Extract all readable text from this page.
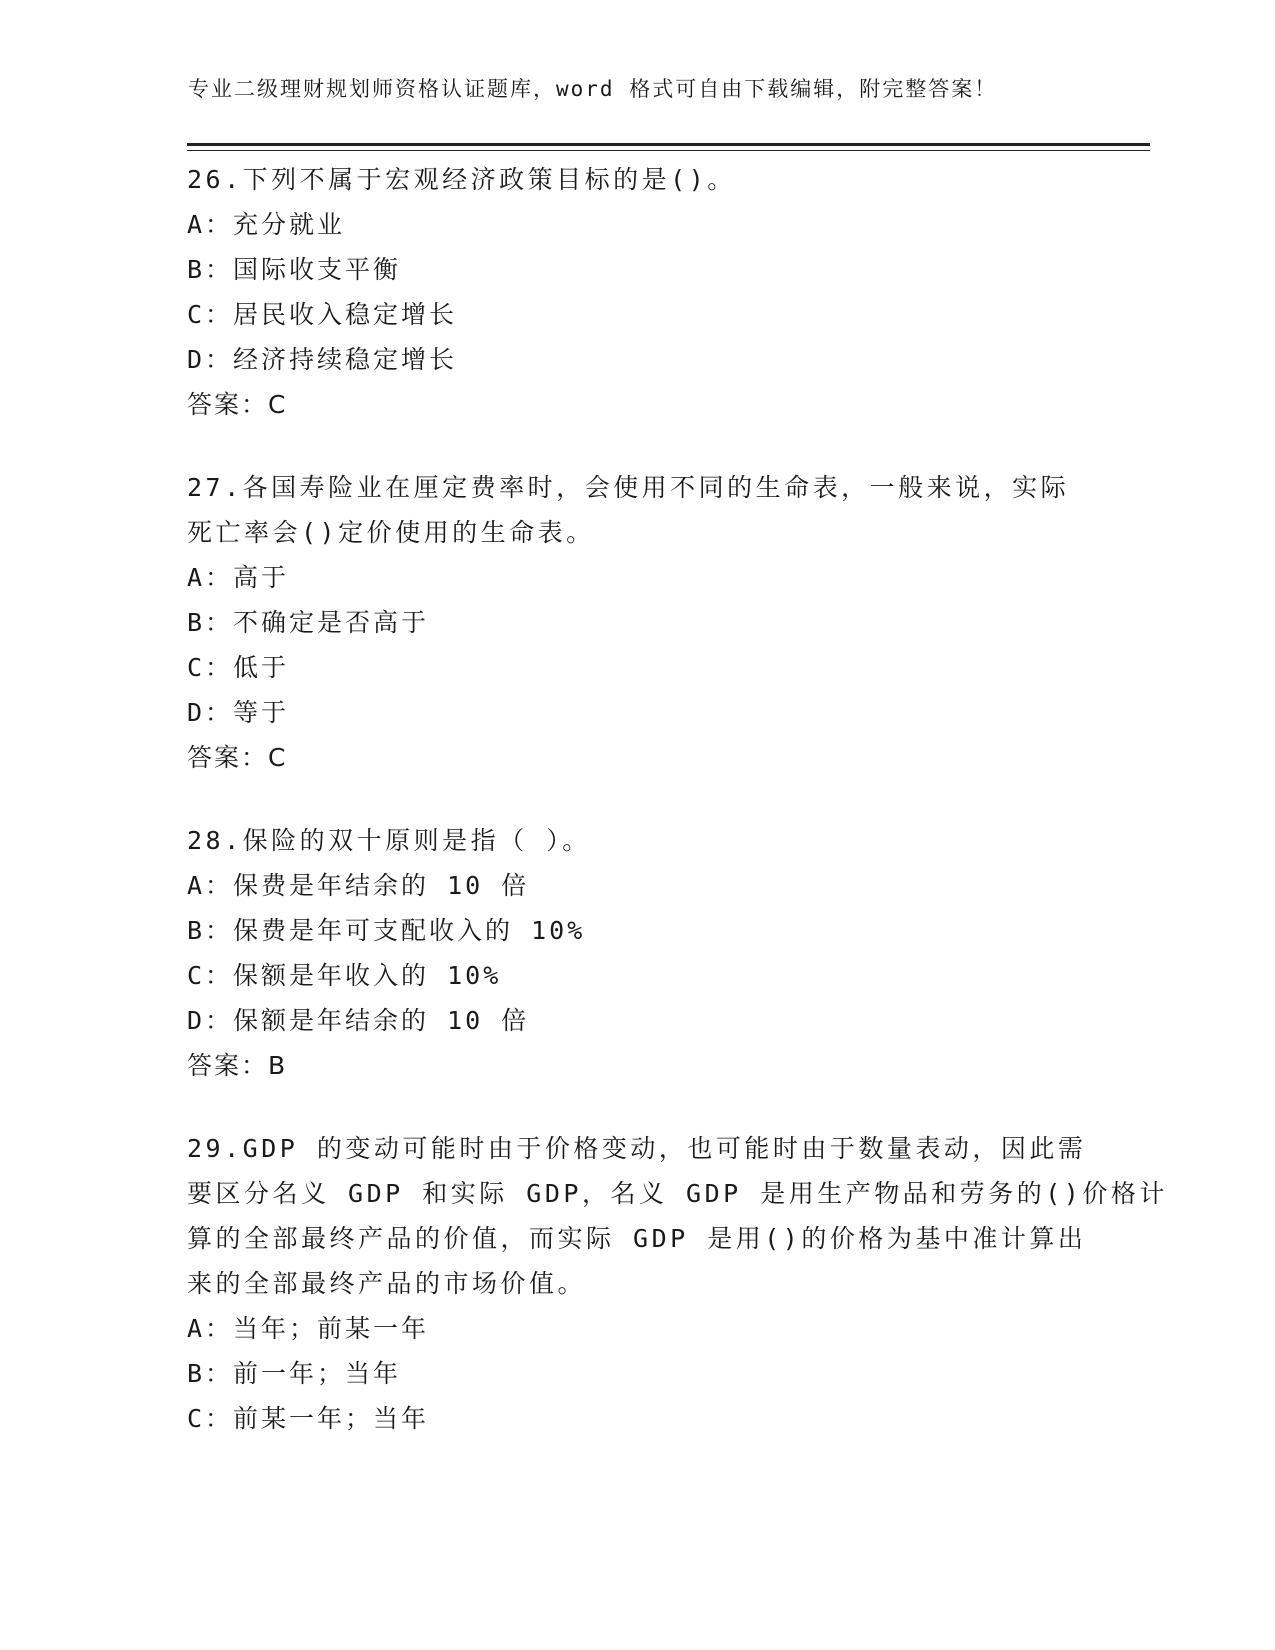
专业二级理财规划师资格认证题库，word 格式可自由下载编辑，附完整答案！
26.下列不属于宏观经济政策目标的是()。
A：充分就业
B：国际收支平衡
C：居民收入稳定增长
D：经济持续稳定增长
答案：C
27.各国寿险业在厘定费率时，会使用不同的生命表，一般来说，实际
死亡率会()定价使用的生命表。
A：高于
B：不确定是否高于
C：低于
D：等于
答案：C
28.保险的双十原则是指（ ）。
A：保费是年结余的 10 倍
B：保费是年可支配收入的 10%
C：保额是年收入的 10%
D：保额是年结余的 10 倍
答案：B
29.GDP 的变动可能时由于价格变动，也可能时由于数量表动，因此需
要区分名义 GDP 和实际 GDP，名义 GDP 是用生产物品和劳务的()价格计
算的全部最终产品的价值，而实际 GDP 是用()的价格为基中准计算出
来的全部最终产品的市场价值。
A：当年；前某一年
B：前一年；当年
C：前某一年；当年
